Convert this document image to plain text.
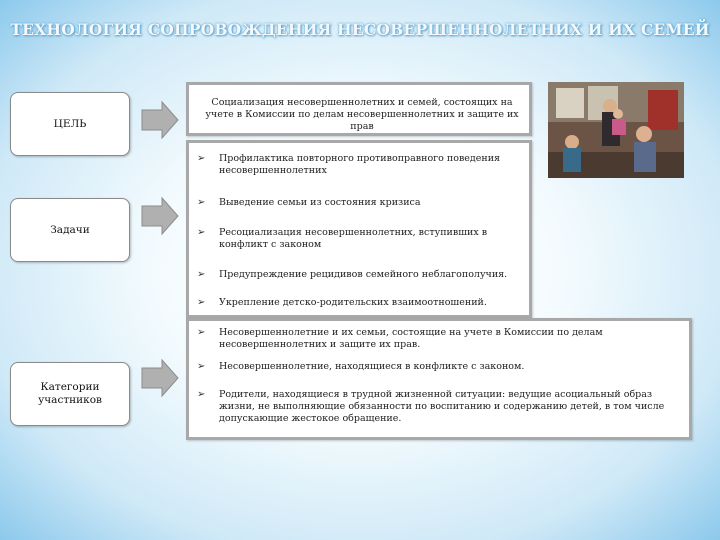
ТЕХНОЛОГИЯ СОПРОВОЖДЕНИЯ НЕСОВЕРШЕННОЛЕТНИХ И ИХ СЕМЕЙ
ЦЕЛЬ
Задачи
Категории участников
Социализация несовершеннолетних и семей, состоящих на учете в Комиссии по делам несовершеннолетних и защите их прав
➢	Профилактика повторного противоправного поведения несовершеннолетних
➢	Выведение семьи из состояния кризиса
➢	Ресоциализация несовершеннолетних, вступивших в конфликт с законом
➢	Предупреждение рецидивов семейного неблагополучия.
➢	Укрепление детско-родительских взаимоотношений.
➢	Несовершеннолетние и их семьи, состоящие на учете в Комиссии по делам несовершеннолетних и защите их прав.
➢	Несовершеннолетние, находящиеся в конфликте с законом.
➢	Родители, находящиеся в трудной жизненной ситуации: ведущие асоциальный образ жизни, не выполняющие обязанности по воспитанию и содержанию детей, в том числе допускающие жестокое обращение.
